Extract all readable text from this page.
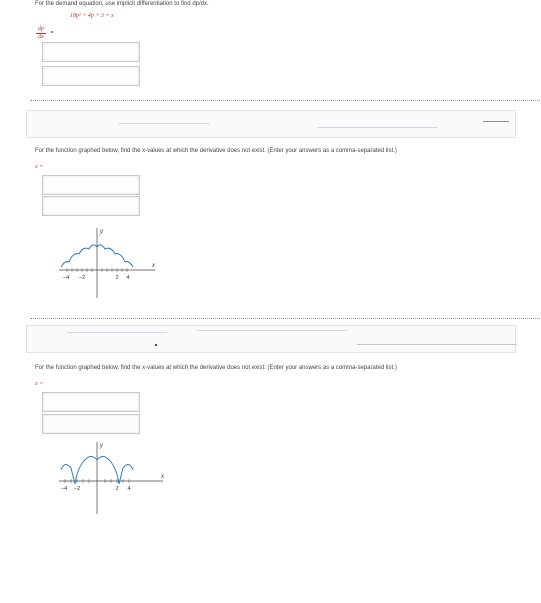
For the demand equation, use implicit differentiation to find dp/dx.
18p² + 4p + 3 = x
$\frac{dp}{dx}$ =
For the function graphed below, find the x-values at which the derivative does not exist. (Enter your answers as a comma-separated list.)
x =
y
x
−4 −2	2 4
For the function graphed below, find the x-values at which the derivative does not exist. (Enter your answers as a comma-separated list.)
x =
y
x
−4 −2	2 4
